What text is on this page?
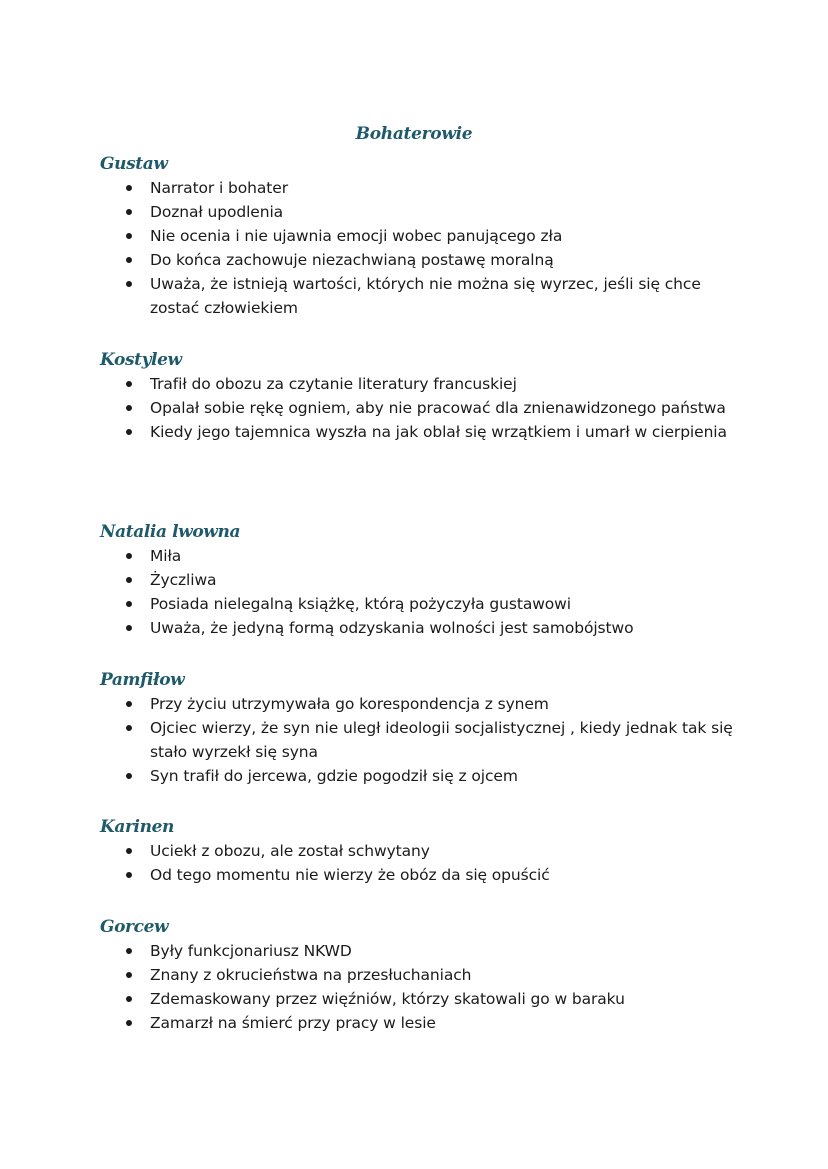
Bohaterowie
Gustaw
Narrator i bohater
Doznał upodlenia
Nie ocenia i nie ujawnia emocji wobec panującego zła
Do końca zachowuje niezachwianą postawę moralną
Uważa, że istnieją wartości, których nie można się wyrzec, jeśli się chce zostać człowiekiem
Kostylew
Trafił do obozu za czytanie literatury francuskiej
Opalał sobie rękę ogniem, aby nie pracować dla znienawidzonego państwa
Kiedy jego tajemnica wyszła na jak oblał się wrzątkiem i umarł w cierpienia
Natalia lwowna
Miła
Życzliwa
Posiada nielegalną książkę, którą pożyczyła gustawowi
Uważa, że jedyną formą odzyskania wolności jest samobójstwo
Pamfiłow
Przy życiu utrzymywała go korespondencja z synem
Ojciec wierzy, że syn nie uległ ideologii socjalistycznej , kiedy jednak tak się stało wyrzekł się syna
Syn trafił do jercewa, gdzie pogodził się z ojcem
Karinen
Uciekł z obozu, ale został schwytany
Od tego momentu nie wierzy że obóz da się opuścić
Gorcew
Były funkcjonariusz NKWD
Znany z okrucieństwa na przesłuchaniach
Zdemaskowany przez więźniów, którzy skatowali go w baraku
Zamarzł na śmierć przy pracy w lesie
